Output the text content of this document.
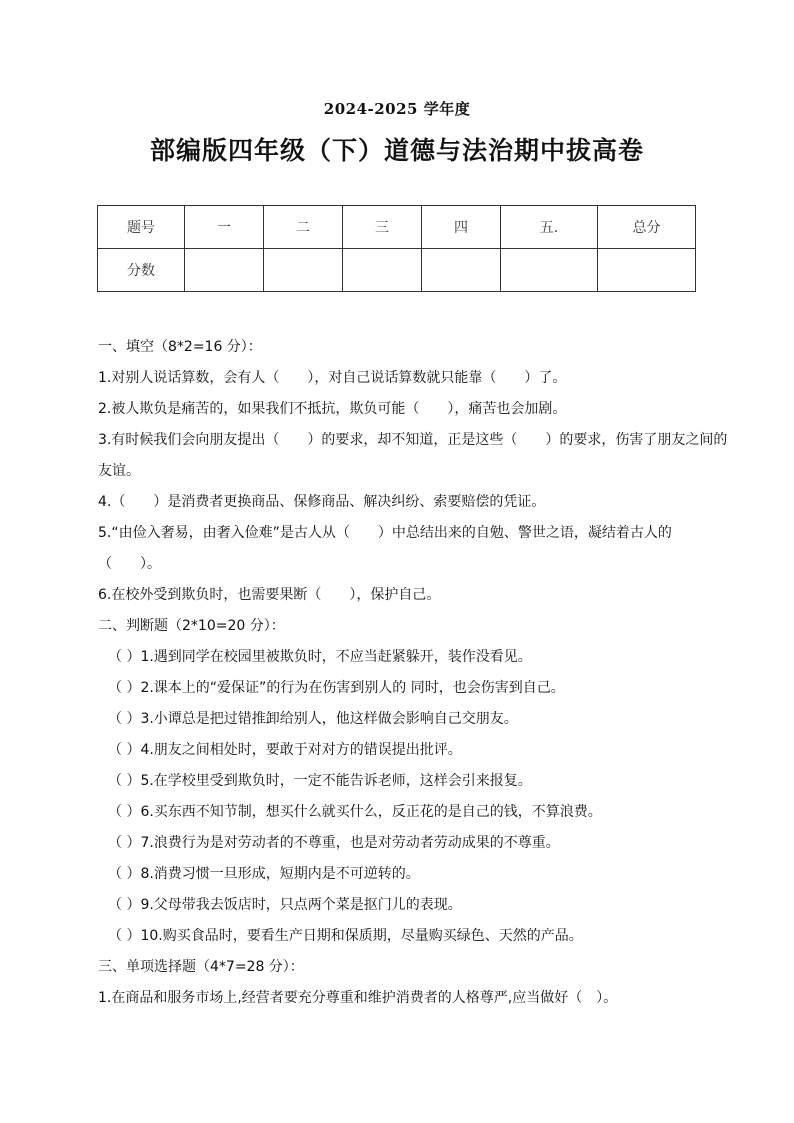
2024-2025 学年度
部编版四年级（下）道德与法治期中拔高卷
题号	一	二	三	四	五.	总分
分数						

一、填空（8*2=16 分）：

1.对别人说话算数，会有人（　　），对自己说话算数就只能靠（　　）了。

2.被人欺负是痛苦的，如果我们不抵抗，欺负可能（　　），痛苦也会加剧。

3.有时候我们会向朋友提出（　　）的要求，却不知道，正是这些（　　）的要求，伤害了朋友之间的友谊。

4.（　　）是消费者更换商品、保修商品、解决纠纷、索要赔偿的凭证。

5.“由俭入奢易，由奢入俭难”是古人从（　　）中总结出来的自勉、警世之语，凝结着古人的（　　）。

6.在校外受到欺负时，也需要果断（　　），保护自己。

二、判断题（2*10=20 分）：

（ ）1.遇到同学在校园里被欺负时，不应当赶紧躲开，装作没看见。

（ ）2.课本上的“爱保证”的行为在伤害到别人的 同时，也会伤害到自己。

（ ）3.小谭总是把过错推卸给别人，他这样做会影响自己交朋友。

（ ）4.朋友之间相处时，要敢于对对方的错误提出批评。

（ ）5.在学校里受到欺负时，一定不能告诉老师，这样会引来报复。

（ ）6.买东西不知节制，想买什么就买什么，反正花的是自己的钱，不算浪费。

（ ）7.浪费行为是对劳动者的不尊重，也是对劳动者劳动成果的不尊重。

（ ）8.消费习惯一旦形成，短期内是不可逆转的。

（ ）9.父母带我去饭店时，只点两个菜是抠门儿的表现。

（ ）10.购买食品时，要看生产日期和保质期，尽量购买绿色、天然的产品。

三、单项选择题（4*7=28 分）：

1.在商品和服务市场上,经营者要充分尊重和维护消费者的人格尊严,应当做好（　）。
